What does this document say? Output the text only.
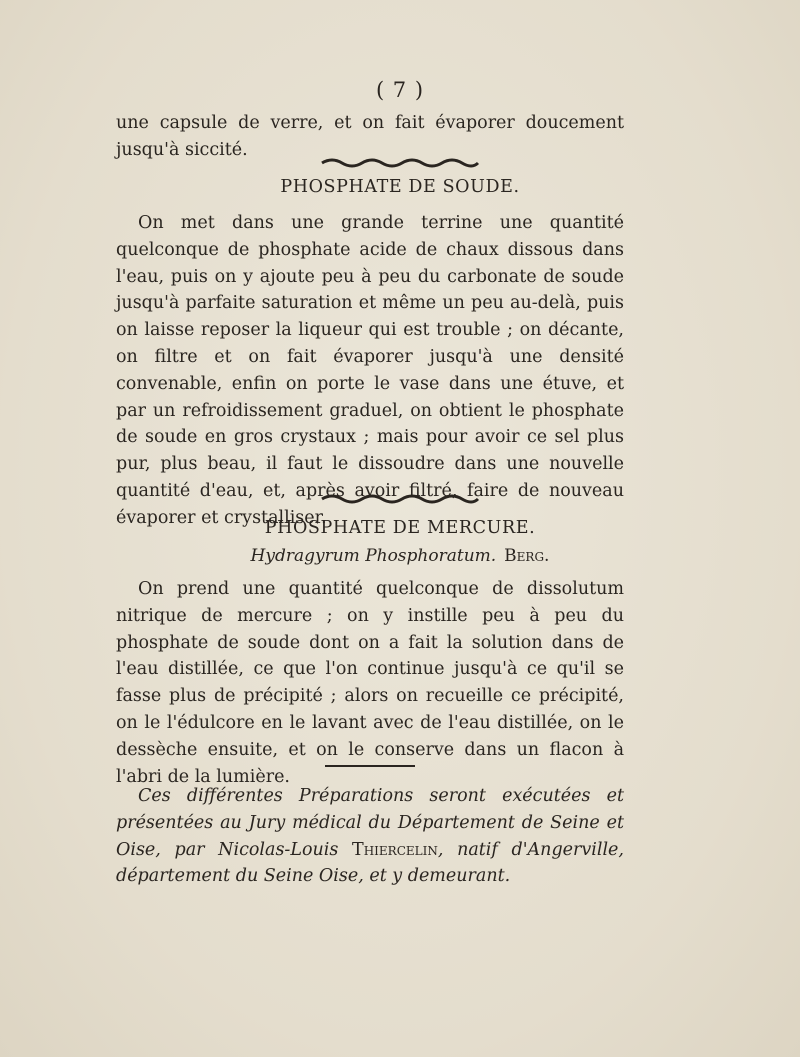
( 7 )

une capsule de verre, et on fait évaporer doucement jusqu'à siccité.

PHOSPHATE DE SOUDE.

On met dans une grande terrine une quantité quelconque de phosphate acide de chaux dissous dans l'eau, puis on y ajoute peu à peu du carbonate de soude jusqu'à parfaite saturation et même un peu au-delà, puis on laisse reposer la liqueur qui est trouble ; on décante, on filtre et on fait évaporer jusqu'à une densité convenable, enfin on porte le vase dans une étuve, et par un refroidissement graduel, on obtient le phosphate de soude en gros crystaux ; mais pour avoir ce sel plus pur, plus beau, il faut le dissoudre dans une nouvelle quantité d'eau, et, après avoir filtré, faire de nouveau évaporer et crystalliser.

PHOSPHATE DE MERCURE.
Hydragyrum Phosphoratum. Berg.

On prend une quantité quelconque de dissolutum nitrique de mercure ; on y instille peu à peu du phosphate de soude dont on a fait la solution dans de l'eau distillée, ce que l'on continue jusqu'à ce qu'il se fasse plus de précipité ; alors on recueille ce précipité, on le l'édulcore en le lavant avec de l'eau distillée, on le dessèche ensuite, et on le conserve dans un flacon à l'abri de la lumière.

Ces différentes Préparations seront exécutées et présentées au Jury médical du Département de Seine et Oise, par Nicolas-Louis Thiercelin, natif d'Angerville, département du Seine Oise, et y demeurant.
